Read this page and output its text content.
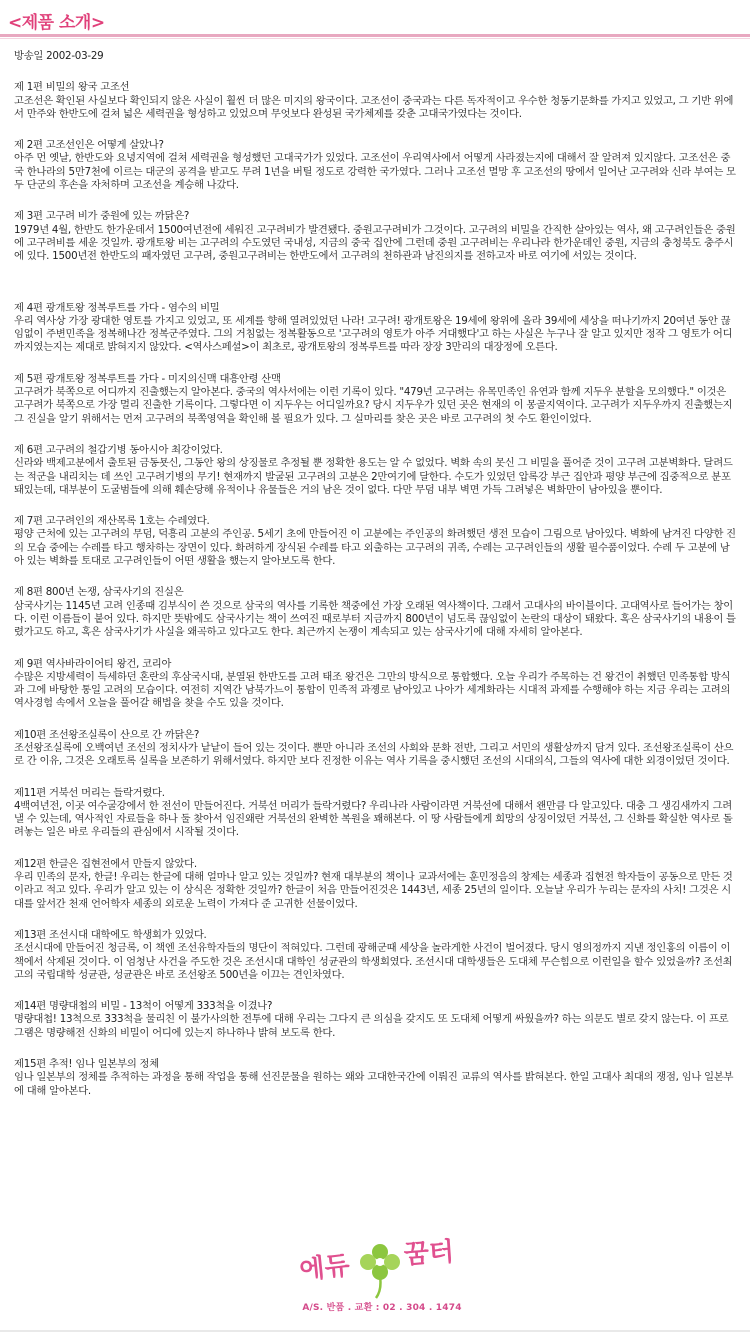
<제품 소개>

방송일 2002-03-29

제 1편 비밀의 왕국 고조선

고조선은 확인된 사실보다 확인되지 않은 사실이 훨씬 더 많은 미지의 왕국이다. 고조선이 중국과는 다른 독자적이고 우수한 청동기문화를 가지고 있었고, 그 기반 위에서 만주와 한반도에 걸쳐 넓은 세력권을 형성하고 있었으며 무엇보다 완성된 국가체제를 갖춘 고대국가였다는 것이다.

제 2편 고조선인은 어떻게 살았나?

아주 먼 옛날, 한반도와 요녕지역에 걸쳐 세력권을 형성했던 고대국가가 있었다. 고조선이 우리역사에서 어떻게 사라졌는지에 대해서 잘 알려져 있지않다. 고조선은 중국 한나라의 5만7천에 이르는 대군의 공격을 받고도 무려 1년을 버틸 정도로 강력한 국가였다. 그러나 고조선 멸망 후 고조선의 땅에서 일어난 고구려와 신라 부여는 모두 단군의 후손을 자처하며 고조선을 계승해 나갔다.

제 3편 고구려 비가 중원에 있는 까닭은?

1979년 4월, 한반도 한가운데서 1500여년전에 세워진 고구려비가 발견됐다. 중원고구려비가 그것이다. 고구려의 비밀을 간직한 살아있는 역사, 왜 고구려인들은 중원에 고구려비를 세운 것일까. 광개토왕 비는 고구려의 수도였던 국내성, 지금의 중국 집안에 그런데 중원 고구려비는 우리나라 한가운데인 중원, 지금의 충청북도 충주시에 있다. 1500년전 한반도의 패자였던 고구려, 중원고구려비는 한반도에서 고구려의 천하관과 남진의지를 전하고자 바로 여기에 서있는 것이다.

제 4편 광개토왕 정복루트를 가다 - 염수의 비밀

우리 역사상 가장 광대한 영토를 가지고 있었고, 또 세계를 향해 열려있었던 나라! 고구려! 광개토왕은 19세에 왕위에 올라 39세에 세상을 떠나기까지 20여년 동안 끊임없이 주변민족을 정복해나간 정복군주였다. 그의 거침없는 정복활동으로 '고구려의 영토가 아주 거대했다'고 하는 사실은 누구나 잘 알고 있지만 정작 그 영토가 어디까지였는지는 제대로 밝혀지지 않았다. <역사스페셜>이 최초로, 광개토왕의 정복루트를 따라 장장 3만리의 대장정에 오른다.

제 5편 광개토왕 정복루트를 가다 - 미지의신맥 대흥안령 산맥

고구려가 북쪽으로 어디까지 진출했는지 알아본다. 중국의 역사서에는 이런 기록이 있다. "479년 고구려는 유목민족인 유연과 함께 지두우 분할을 모의했다." 이것은 고구려가 북쪽으로 가장 멀리 진출한 기록이다. 그렇다면 이 지두우는 어디일까요? 당시 지두우가 있던 곳은 현재의 이 몽골지역이다. 고구려가 지두우까지 진출했는지 그 진실을 알기 위해서는 먼저 고구려의 북쪽영역을 확인해 볼 필요가 있다. 그 실마리를 찾은 곳은 바로 고구려의 첫 수도 환인이었다.

제 6편 고구려의 철갑기병 동아시아 최강이었다.

신라와 백제고분에서 출토된 금동묫신, 그동안 왕의 상징물로 추정될 뿐 정확한 용도는 알 수 없었다. 벽화 속의 못신 그 비밀을 풀어준 것이 고구려 고분벽화다. 달려드는 적군을 내리치는 데 쓰인 고구려기병의 무기! 현재까지 발굴된 고구려의 고분은 2만여기에 달한다. 수도가 있었던 압록강 부근 집안과 평양 부근에 집중적으로 분포돼있는데, 대부분이 도굴범들에 의해 훼손당해 유적이나 유물들은 거의 남은 것이 없다. 다만 무덤 내부 벽면 가득 그려넣은 벽화만이 남아있을 뿐이다.

제 7편 고구려인의 재산목록 1호는 수레였다.

평양 근처에 있는 고구려의 무덤, 덕흥리 고분의 주인공. 5세기 초에 만들어진 이 고분에는 주인공의 화려했던 생전 모습이 그림으로 남아있다. 벽화에 남겨진 다양한 진의 모습 중에는 수레를 타고 행차하는 장면이 있다. 화려하게 장식된 수레를 타고 외출하는 고구려의 귀족, 수레는 고구려인들의 생활 필수품이었다. 수레 두 고분에 남아 있는 벽화를 토대로 고구려인들이 어떤 생활을 했는지 알아보도록 한다.

제 8편 800년 논쟁, 삼국사기의 진실은

삼국사기는 1145년 고려 인종때 김부식이 쓴 것으로 삼국의 역사를 기록한 책중에선 가장 오래된 역사책이다. 그래서 고대사의 바이블이다. 고대역사로 들어가는 창이다. 이런 이름들이 붙어 있다. 하지만 뜻밖에도 삼국사기는 책이 쓰여진 때로부터 지금까지 800년이 넘도록 끊임없이 논란의 대상이 돼왔다. 혹은 삼국사기의 내용이 틀렸가고도 하고, 혹은 삼국사기가 사실을 왜곡하고 있다고도 한다. 최근까지 논쟁이 계속되고 있는 삼국사기에 대해 자세히 알아본다.

제 9편 역사바라이어티 왕건, 코리아

수많은 지방세력이 득세하던 혼란의 후삼국시대, 분열된 한반도를 고려 태조 왕건은 그만의 방식으로 통합했다. 오늘 우리가 주목하는 건 왕건이 취했던 민족통합 방식과 그에 바탕한 통일 고려의 모습이다. 여전히 지역간 남북가느이 통합이 민족적 과졩로 남아있고 나아가 세계화라는 시대적 과제를 수행해야 하는 지금 우리는 고려의 역사경험 속에서 오늘을 풀어갈 해법을 찾을 수도 있을 것이다.

제10편 조선왕조실록이 산으로 간 까닭은?

조선왕조실록에 오백여년 조선의 정치사가 낱낱이 들어 있는 것이다. 뿐만 아니라 조선의 사회와 문화 전반, 그리고 서민의 생활상까지 담겨 있다. 조선왕조실록이 산으로 간 이유, 그것은 오래토록 실록을 보존하기 위해서였다. 하지만 보다 진정한 이유는 역사 기록을 중시했던 조선의 시대의식, 그들의 역사에 대한 외경이었던 것이다.

제11편 거북선 머리는 들락거렸다.

4백여년전, 이곳 여수굴강에서 한 전선이 만들어진다. 거북선 머리가 들락거렸다? 우리나라 사람이라면 거북선에 대해서 왠만큼 다 알고있다. 대충 그 생김새까지 그려낼 수 있는데, 역사적인 자료들을 하나 둘 찾아서 임진왜란 거북선의 완벽한 복원을 꽤해본다. 이 땅 사람들에게 희망의 상징이었던 거북선, 그 신화를 확실한 역사로 돌려놓는 일은 바로 우리들의 관심에서 시작될 것이다.

제12편 한글은 집현전에서 만들지 않았다.

우리 민족의 문자, 한글! 우리는 한글에 대해 얼마나 알고 있는 것일까? 현재 대부분의 책이나 교과서에는 훈민정음의 창제는 세종과 집현전 학자들이 공동으로 만든 것이라고 적고 있다. 우리가 알고 있는 이 상식은 정확한 것일까? 한글이 처음 만들어진것은 1443년, 세종 25년의 일이다. 오늘날 우리가 누리는 문자의 사치! 그것은 시대를 앞서간 천재 언어학자 세종의 외로운 노력이 가져다 준 고귀한 선물이었다.

제13편 조선시대 대학에도 학생회가 있었다.

조선시대에 만들어진 청금록, 이 책엔 조선유학자들의 명단이 적혀있다. 그런데 광해군때 세상을 놀라게한 사건이 벌어졌다. 당시 영의정까지 지낸 정인홍의 이름이 이 책에서 삭제된 것이다. 이 엄청난 사건을 주도한 것은 조선시대 대학인 성균관의 학생회였다. 조선시대 대학생들은 도대체 무슨힘으로 이런일을 할수 있었을까? 조선최고의 국립대학 성균관, 성균관은 바로 조선왕조 500년을 이끄는 견인차였다.

제14편 명량대첩의 비밀 - 13척이 어떻게 333척을 이겼나?

명량대첩! 13척으로 333척을 물리친 이 불가사의한 전투에 대해 우리는 그다지 큰 의심을 갖지도 또 도대체 어떻게 싸웠을까? 하는 의문도 별로 갖지 않는다. 이 프로그램은 명량해전 신화의 비밀이 어디에 있는지 하나하나 밝혀 보도록 한다.

제15편 추적! 임나 일본부의 정체

임나 일본부의 정체를 추적하는 과정을 통해 작업을 통해 선진문물을 원하는 왜와 고대한국간에 이뤄진 교류의 역사를 밝혀본다. 한일 고대사 최대의 쟁점, 임나 일본부에 대해 알아본다.

에듀 꿈터
A/S. 반품 . 교환 : 02 . 304 . 1474
